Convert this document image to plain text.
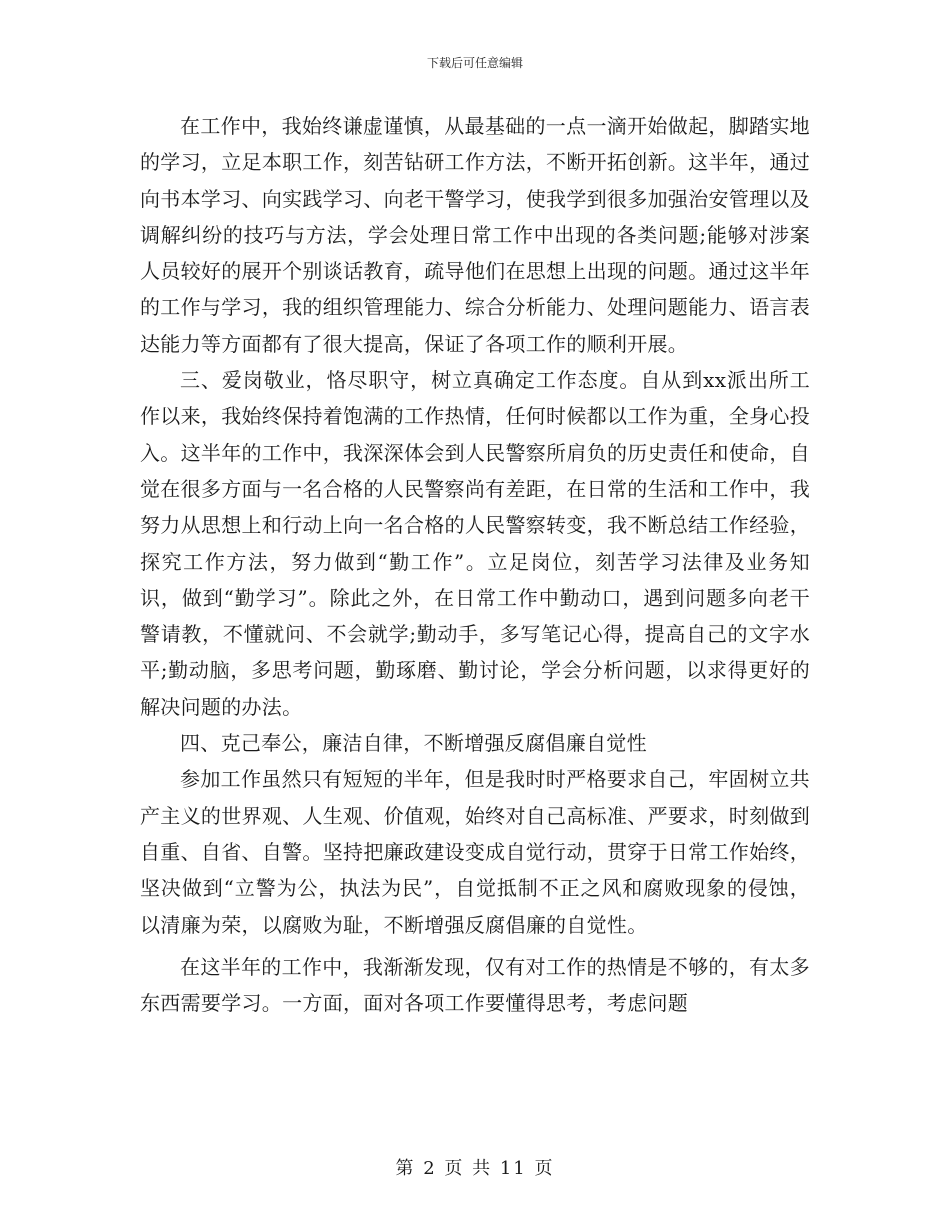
下载后可任意编辑

在工作中，我始终谦虚谨慎，从最基础的一点一滴开始做起，脚踏实地的学习，立足本职工作，刻苦钻研工作方法，不断开拓创新。这半年，通过向书本学习、向实践学习、向老干警学习，使我学到很多加强治安管理以及调解纠纷的技巧与方法，学会处理日常工作中出现的各类问题;能够对涉案人员较好的展开个别谈话教育，疏导他们在思想上出现的问题。通过这半年的工作与学习，我的组织管理能力、综合分析能力、处理问题能力、语言表达能力等方面都有了很大提高，保证了各项工作的顺利开展。

三、爱岗敬业，恪尽职守，树立真确定工作态度。自从到xx派出所工作以来，我始终保持着饱满的工作热情，任何时候都以工作为重，全身心投入。这半年的工作中，我深深体会到人民警察所肩负的历史责任和使命，自觉在很多方面与一名合格的人民警察尚有差距，在日常的生活和工作中，我努力从思想上和行动上向一名合格的人民警察转变，我不断总结工作经验，探究工作方法，努力做到“勤工作”。立足岗位，刻苦学习法律及业务知识，做到“勤学习”。除此之外，在日常工作中勤动口，遇到问题多向老干警请教，不懂就问、不会就学;勤动手，多写笔记心得，提高自己的文字水平;勤动脑，多思考问题，勤琢磨、勤讨论，学会分析问题，以求得更好的解决问题的办法。

四、克己奉公，廉洁自律，不断增强反腐倡廉自觉性

参加工作虽然只有短短的半年，但是我时时严格要求自己，牢固树立共产主义的世界观、人生观、价值观，始终对自己高标准、严要求，时刻做到自重、自省、自警。坚持把廉政建设变成自觉行动，贯穿于日常工作始终，坚决做到“立警为公，执法为民”，自觉抵制不正之风和腐败现象的侵蚀，以清廉为荣，以腐败为耻，不断增强反腐倡廉的自觉性。

在这半年的工作中，我渐渐发现，仅有对工作的热情是不够的，有太多东西需要学习。一方面，面对各项工作要懂得思考，考虑问题

第 2 页 共 11 页
